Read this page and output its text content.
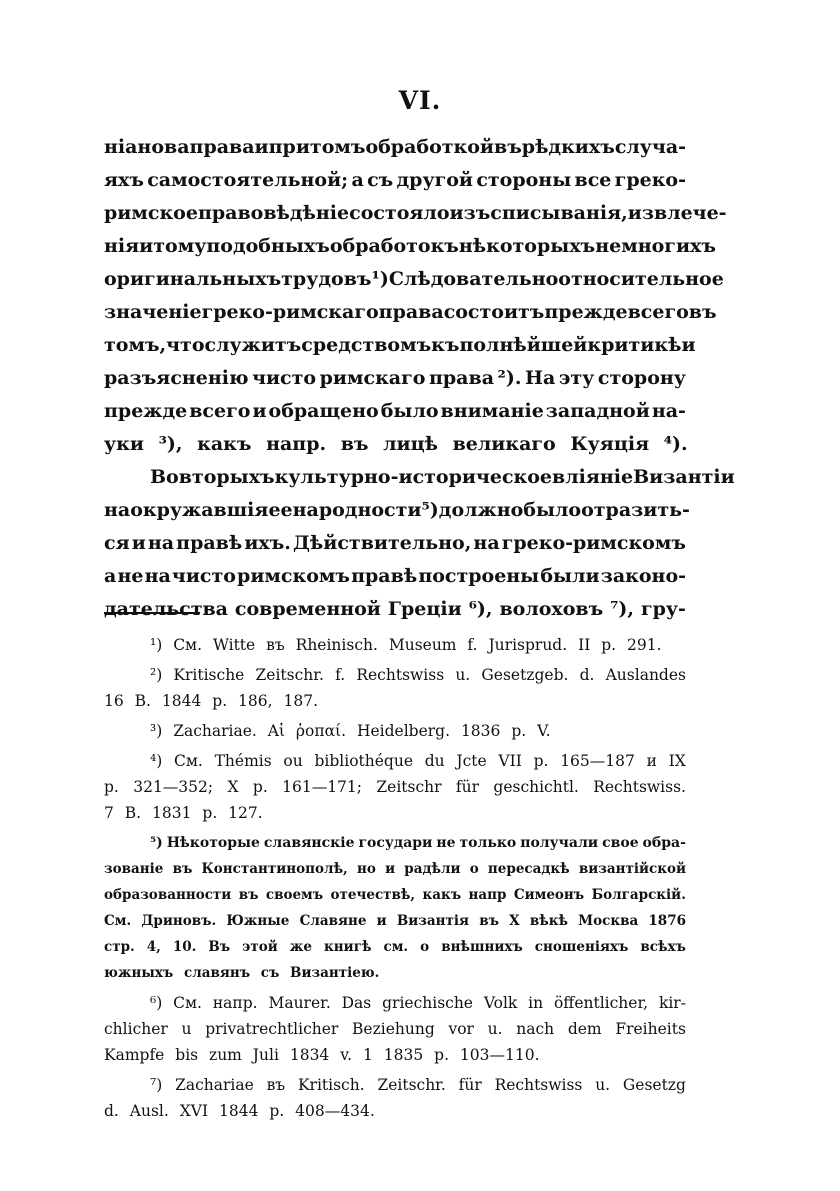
VI.
ніанова права и притомъ обработкой въ рѣдкихъ случа-
яхъ самостоятельной; а съ другой стороны все греко-
римское правовѣдѣніе состояло изъ списыванія, извлече-
нія и тому подобныхъ обработокъ нѣкоторыхъ немногихъ
оригинальныхъ трудовъ ¹) Слѣдовательно относительное
значеніе греко-римскаго права состоитъ прежде всего въ
томъ, что служитъ средствомъ къ полнѣйшей критикѣ и
разъясненію чисто римскаго права ²). На эту сторону
прежде всего и обращено было вниманіе западной на-
уки ³), какъ напр. въ лицѣ великаго Куяція ⁴).
Во вторыхъ культурно-историческое вліяніе Византіи
на окружавшія ее народности ⁵) должно было отразить-
ся и на правѣ ихъ. Дѣйствительно, на греко-римскомъ
а не на чисто римскомъ правѣ построены были законо-
дательства современной Греціи ⁶), волоховъ ⁷), гру-
¹) См. Witte въ Rheinisch. Museum f. Jurisprud. II p. 291.
²) Kritische Zeitschr. f. Rechtswiss u. Gesetzgeb. d. Auslandes
16 B. 1844 p. 186, 187.
³) Zachariae. Αἱ ῥοπαί. Heidelberg. 1836 p. V.
⁴) См. Thémis ou bibliothéque du Jcte VII p. 165—187 и IX
p. 321—352; X p. 161—171; Zeitschr für geschichtl. Rechtswiss.
7 B. 1831 p. 127.
⁵) Нѣкоторые славянскіе государи не только получали свое обра-
зованіе въ Константинополѣ, но и радѣли о пересадкѣ византійской
образованности въ своемъ отечествѣ, какъ напр Симеонъ Болгарскій.
См. Дриновъ. Южные Славяне и Византія въ X вѣкѣ Москва 1876
стр. 4, 10. Въ этой же книгѣ см. о внѣшнихъ сношеніяхъ всѣхъ
южныхъ славянъ съ Византіею.
⁶) См. напр. Maurer. Das griechische Volk in öffentlicher, kir-
chlicher u privatrechtlicher Beziehung vor u. nach dem Freiheits
Kampfe bis zum Juli 1834 v. 1 1835 p. 103—110.
⁷) Zachariae въ Kritisch. Zeitschr. für Rechtswiss u. Gesetzg
d. Ausl. XVI 1844 p. 408—434.
